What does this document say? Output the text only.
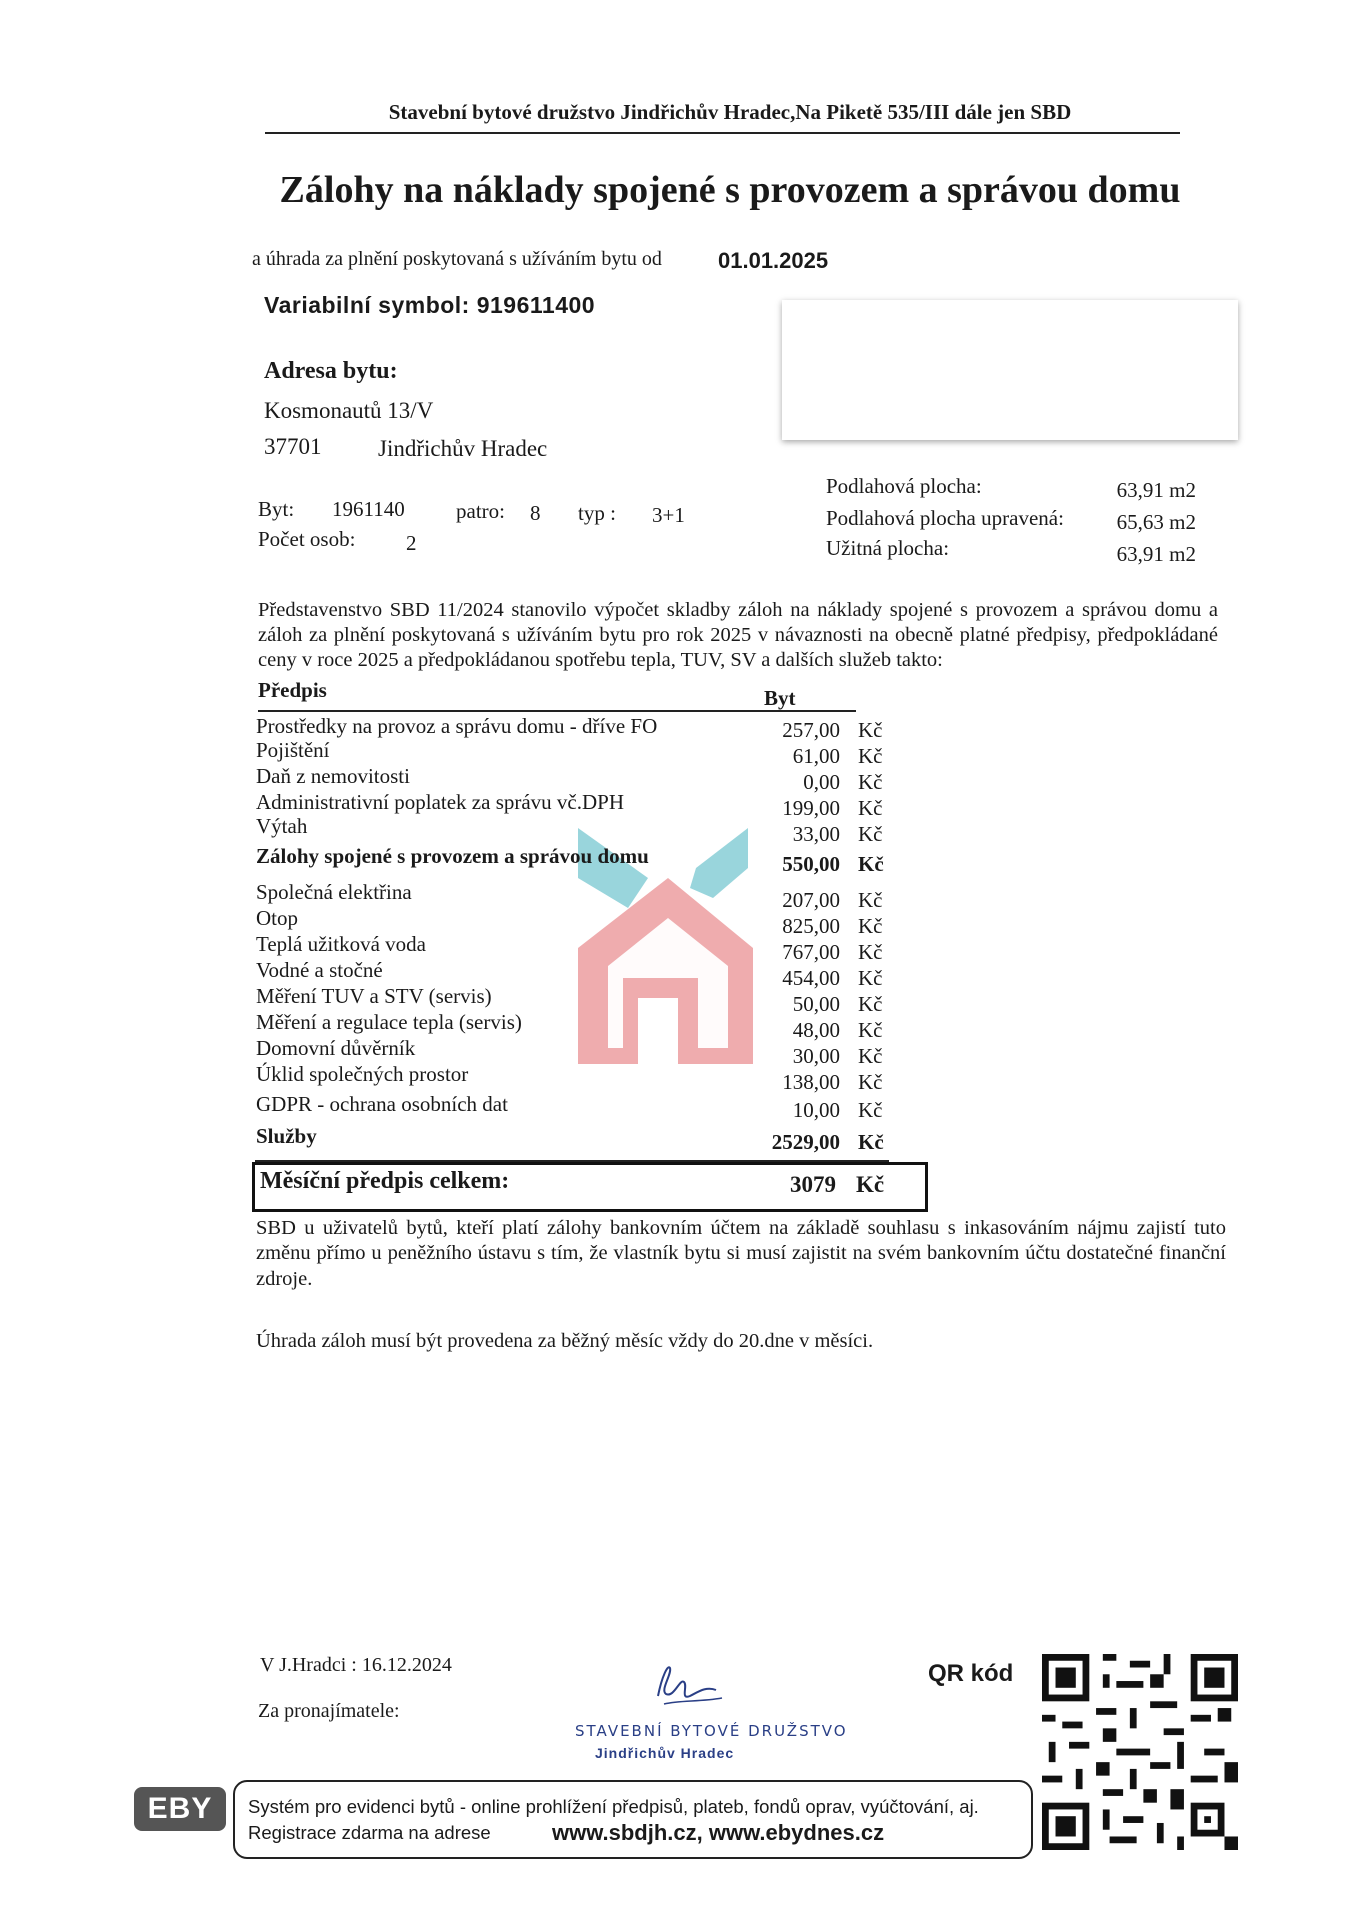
Stavební bytové družstvo Jindřichův Hradec,Na Piketě 535/III dále jen SBD
Zálohy na náklady spojené s provozem a správou domu
a úhrada za plnění poskytovaná s užíváním bytu od	01.01.2025
Variabilní symbol: 919611400
Adresa bytu:
Kosmonautů 13/V
37701 Jindřichův Hradec
Byt: 1961140 patro: 8 typ : 3+1
Počet osob: 2
Podlahová plocha:	63,91 m2
Podlahová plocha upravená:	65,63 m2
Užitná plocha:	63,91 m2
Představenstvo SBD 11/2024 stanovilo výpočet skladby záloh na náklady spojené s provozem a správou domu a záloh za plnění poskytovaná s užíváním bytu pro rok 2025 v návaznosti na obecně platné předpisy, předpokládané ceny v roce 2025 a předpokládanou spotřebu tepla, TUV, SV a dalších služeb takto:
Předpis	Byt
Prostředky na provoz a správu domu - dříve FO	257,00 Kč
Pojištění	61,00 Kč
Daň z nemovitosti	0,00 Kč
Administrativní poplatek za správu vč.DPH	199,00 Kč
Výtah	33,00 Kč
Zálohy spojené s provozem a správou domu	550,00 Kč
Společná elektřina	207,00 Kč
Otop	825,00 Kč
Teplá užitková voda	767,00 Kč
Vodné a stočné	454,00 Kč
Měření TUV a STV (servis)	50,00 Kč
Měření a regulace tepla (servis)	48,00 Kč
Domovní důvěrník	30,00 Kč
Úklid společných prostor	138,00 Kč
GDPR - ochrana osobních dat	10,00 Kč
Služby	2529,00 Kč
Měsíční předpis celkem:	3079 Kč
SBD u uživatelů bytů, kteří platí zálohy bankovním účtem na základě souhlasu s inkasováním nájmu zajistí tuto změnu přímo u peněžního ústavu s tím, že vlastník bytu si musí zajistit na svém bankovním účtu dostatečné finanční zdroje.
Úhrada záloh musí být provedena za běžný měsíc vždy do 20.dne v měsíci.
V J.Hradci : 16.12.2024
Za pronajímatele:
STAVEBNÍ BYTOVÉ DRUŽSTVO
Jindřichův Hradec
QR kód
EBY	Systém pro evidenci bytů - online prohlížení předpisů, plateb, fondů oprav, vyúčtování, aj.
Registrace zdarma na adrese	www.sbdjh.cz, www.ebydnes.cz
